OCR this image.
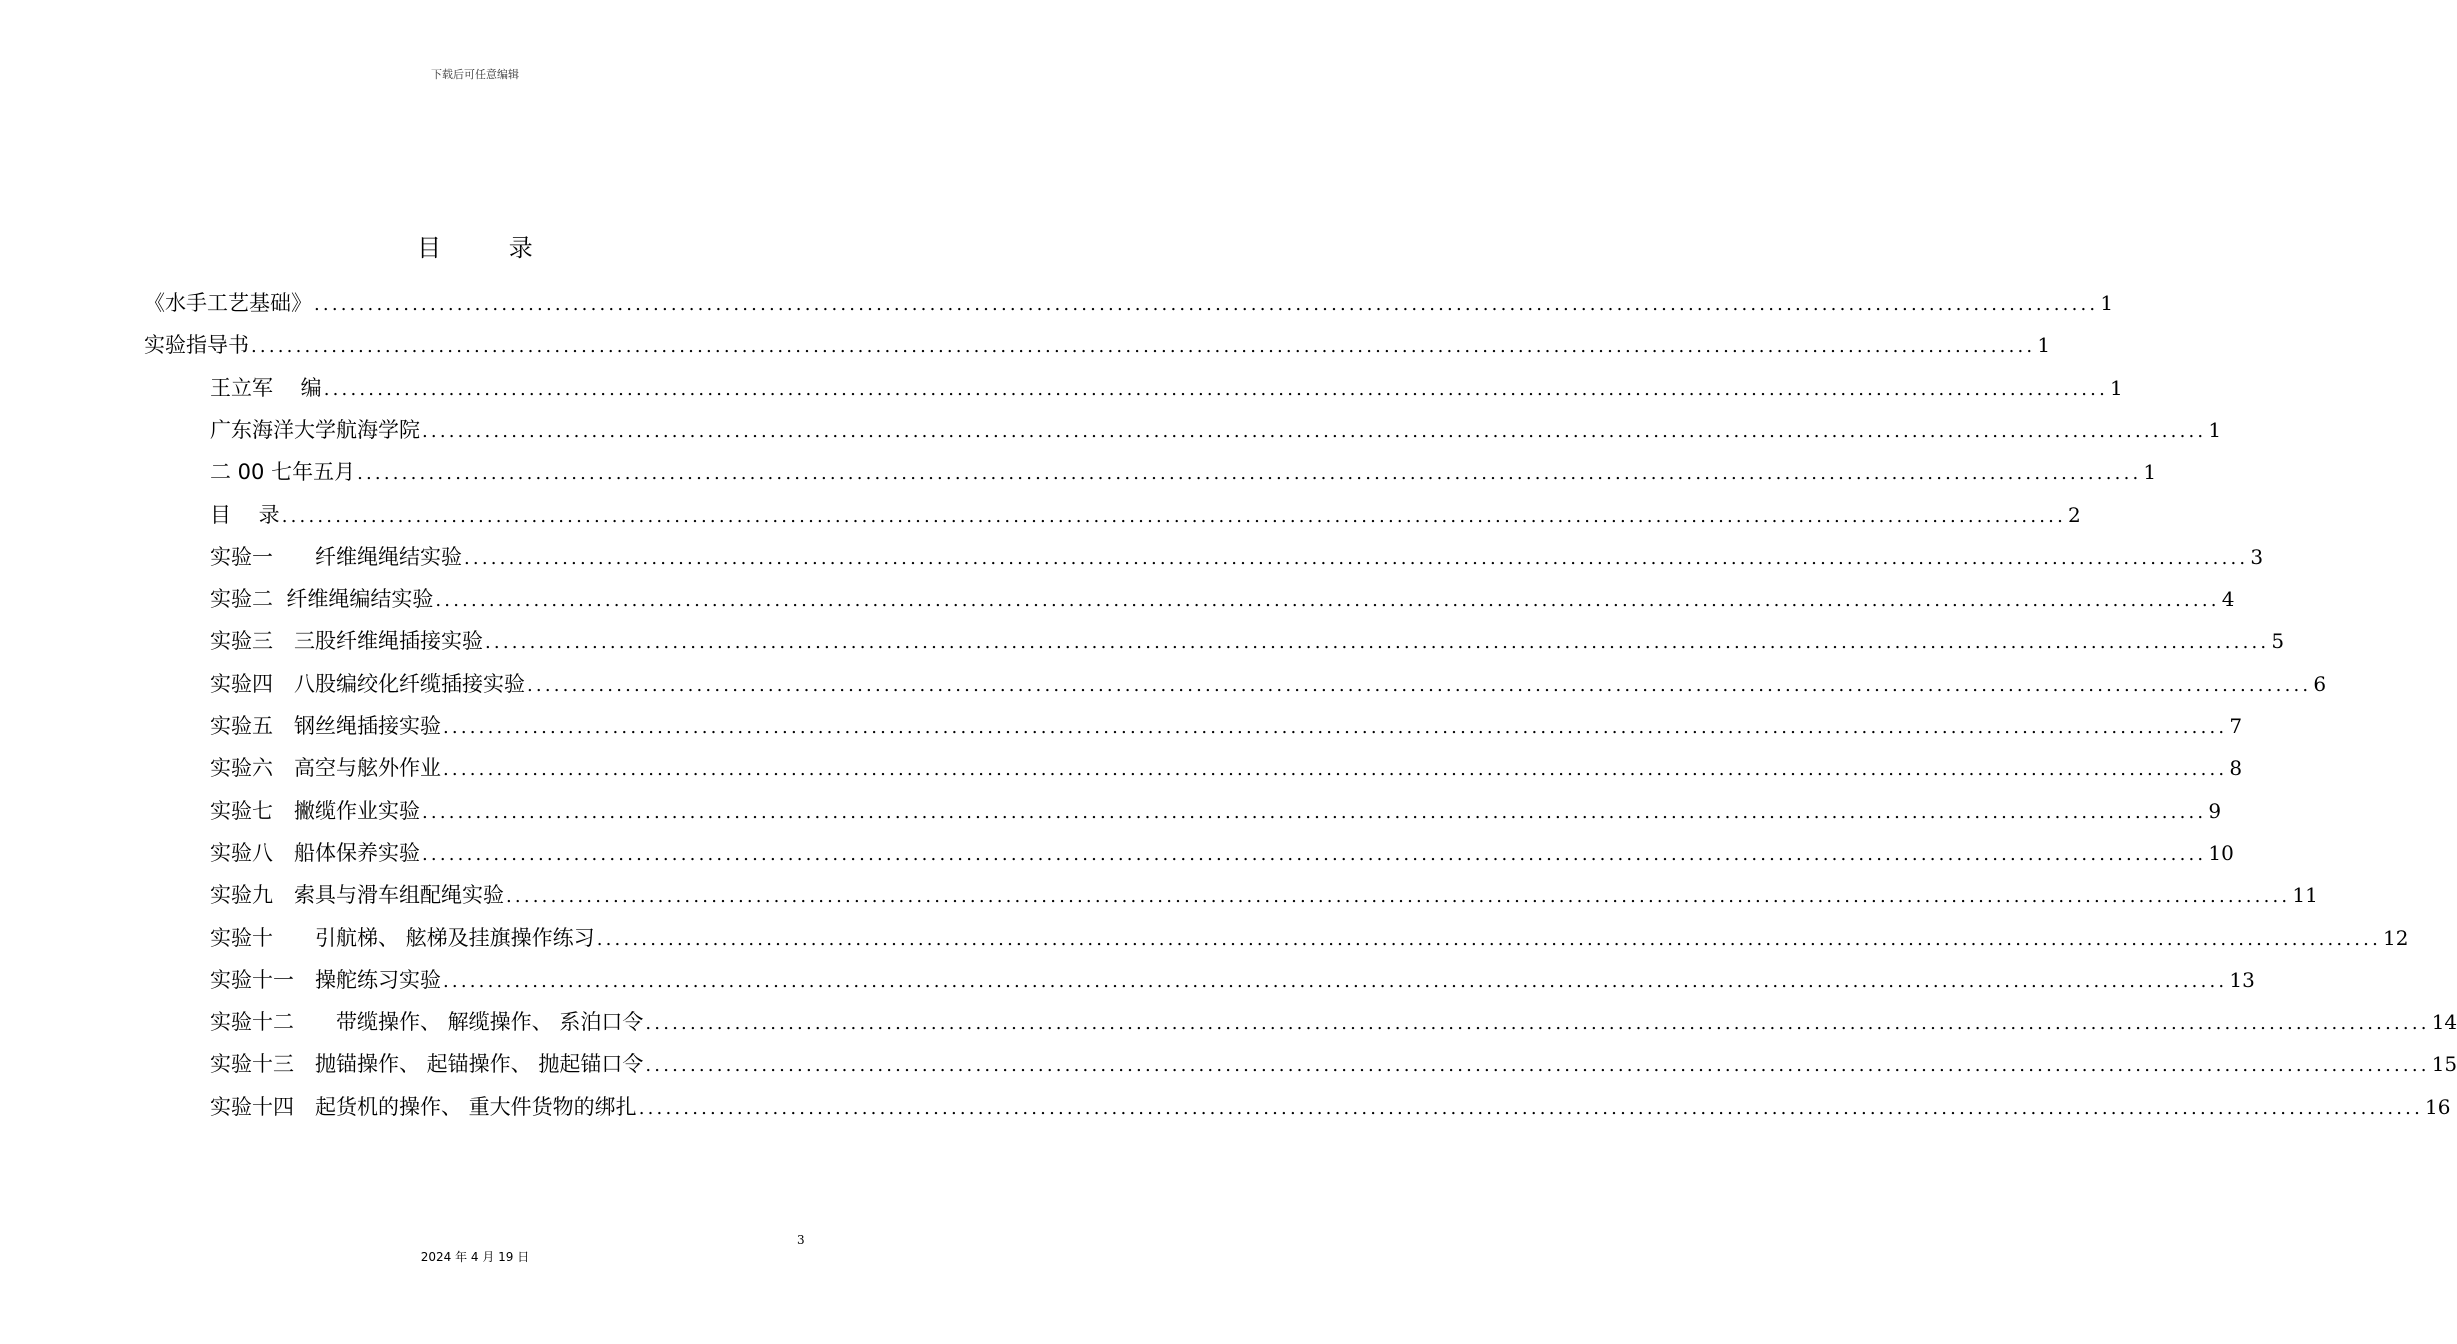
下载后可任意编辑
目 录
《水手工艺基础》 ........................................................................................................................................................................................................ 1
实验指导书 ........................................................................................................................................................................................................ 1
王立军　 编 ........................................................................................................................................................................................................ 1
广东海洋大学航海学院 ........................................................................................................................................................................................................ 1
二 00 七年五月 ........................................................................................................................................................................................................ 1
目　 录 ........................................................................................................................................................................................................ 2
实验一　　纤维绳绳结实验 ........................................................................................................................................................................................................ 3
实验二  纤维绳编结实验 ........................................................................................................................................................................................................ 4
实验三　三股纤维绳插接实验 ........................................................................................................................................................................................................ 5
实验四　八股编绞化纤缆插接实验 ........................................................................................................................................................................................................ 6
实验五　钢丝绳插接实验 ........................................................................................................................................................................................................ 7
实验六　高空与舷外作业 ........................................................................................................................................................................................................ 8
实验七　撇缆作业实验 ........................................................................................................................................................................................................ 9
实验八　船体保养实验 ........................................................................................................................................................................................................ 10
实验九　索具与滑车组配绳实验 ........................................................................................................................................................................................................ 11
实验十　　引航梯、 舷梯及挂旗操作练习 ........................................................................................................................................................................................................ 12
实验十一　操舵练习实验 ........................................................................................................................................................................................................ 13
实验十二　　带缆操作、 解缆操作、 系泊口令 ........................................................................................................................................................................................................ 14
实验十三　抛锚操作、 起锚操作、 抛起锚口令 ........................................................................................................................................................................................................ 15
实验十四　起货机的操作、 重大件货物的绑扎 ........................................................................................................................................................................................................ 16
3
2024 年 4 月 19 日
